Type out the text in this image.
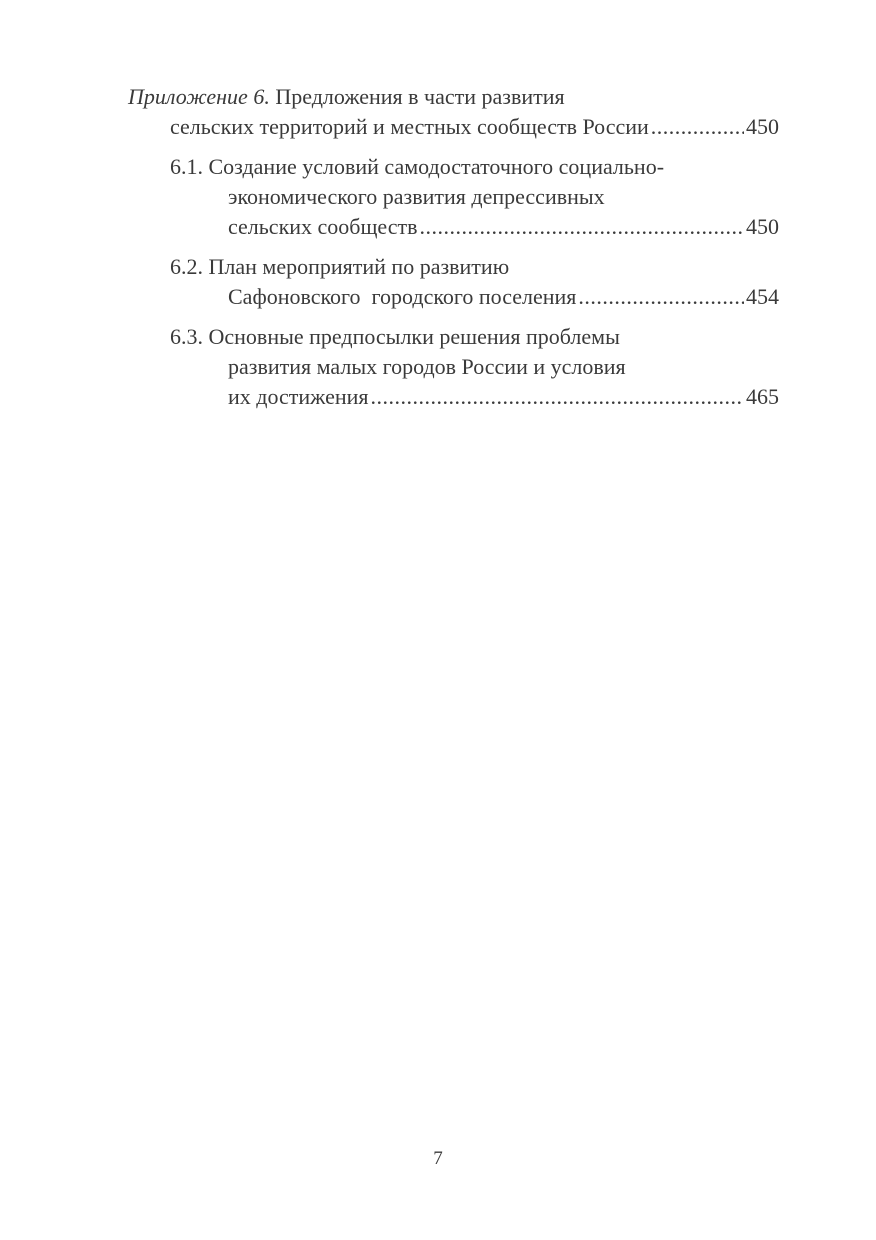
Приложение 6.
Предложения в части развития
сельских территорий и местных сообществ России .....	450
6.1. Создание условий самодостаточного социально-
экономического развития депрессивных
сельских сообществ .....	450
6.2. План мероприятий по развитию
Сафоновского  городского поселения .....	454
6.3. Основные предпосылки решения проблемы
развития малых городов России и условия
их достижения .....	465
7
